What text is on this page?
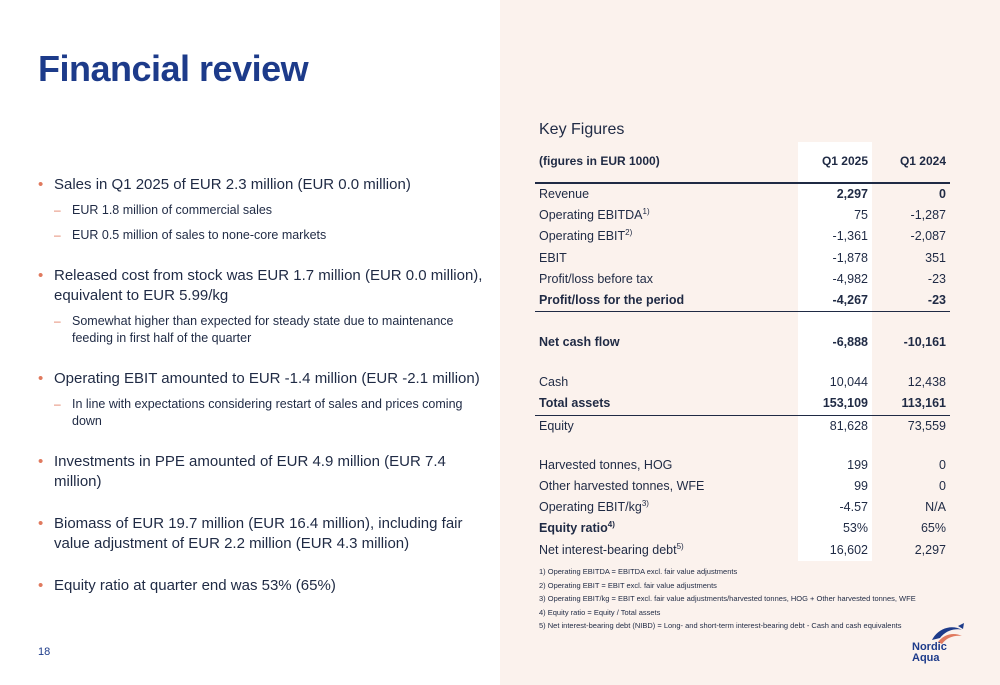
Financial review
• Sales in Q1 2025 of EUR 2.3 million (EUR 0.0 million)
– EUR 1.8 million of commercial sales
– EUR 0.5 million of sales to none-core markets
• Released cost from stock was EUR 1.7 million (EUR 0.0 million), equivalent to EUR 5.99/kg
– Somewhat higher than expected for steady state due to maintenance feeding in first half of the quarter
• Operating EBIT amounted to EUR -1.4 million (EUR -2.1 million)
– In line with expectations considering restart of sales and prices coming down
• Investments in PPE amounted of EUR 4.9 million (EUR 7.4 million)
• Biomass of EUR 19.7 million (EUR 16.4 million), including fair value adjustment of EUR 2.2 million (EUR 4.3 million)
• Equity ratio at quarter end was 53% (65%)
18
Key Figures
(figures in EUR 1000)	Q1 2025	Q1 2024
Revenue	2,297	0
Operating EBITDA$^{1)}$	75	-1,287
Operating EBIT$^{2)}$	-1,361	-2,087
EBIT	-1,878	351
Profit/loss before tax	-4,982	-23
Profit/loss for the period	-4,267	-23

Net cash flow	-6,888	-10,161

Cash	10,044	12,438
Total assets	153,109	113,161
Equity	81,628	73,559

Harvested tonnes, HOG	199	0
Other harvested tonnes, WFE	99	0
Operating EBIT/$kg^{3)}$	-4.57	N/A
Equity ratio$^{4)}$	53%	65%
Net interest-bearing debt$^{5)}$	16,602	2,297
1) Operating EBITDA = EBITDA excl. fair value adjustments
2) Operating EBIT = EBIT excl. fair value adjustments
3) Operating EBIT/kg = EBIT excl. fair value adjustments/harvested tonnes, HOG + Other harvested tonnes, WFE
4) Equity ratio = Equity / Total assets
5) Net interest-bearing debt (NIBD) = Long- and short-term interest-bearing debt - Cash and cash equivalents
Nordic
Aqua
